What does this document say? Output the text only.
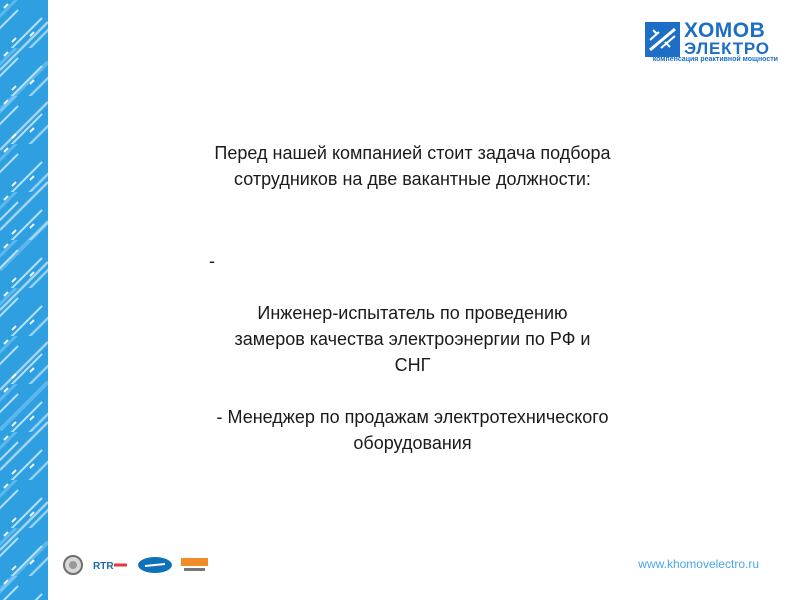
ХОМОВ
ЭЛЕКТРО
компенсация реактивной мощности

Перед нашей компанией стоит задача подбора
сотрудников на две вакантные должности:

-

Инженер-испытатель по проведению
замеров качества электроэнергии по РФ и
СНГ

- Менеджер по продажам электротехнического
оборудования

RTR	www.khomovelectro.ru
